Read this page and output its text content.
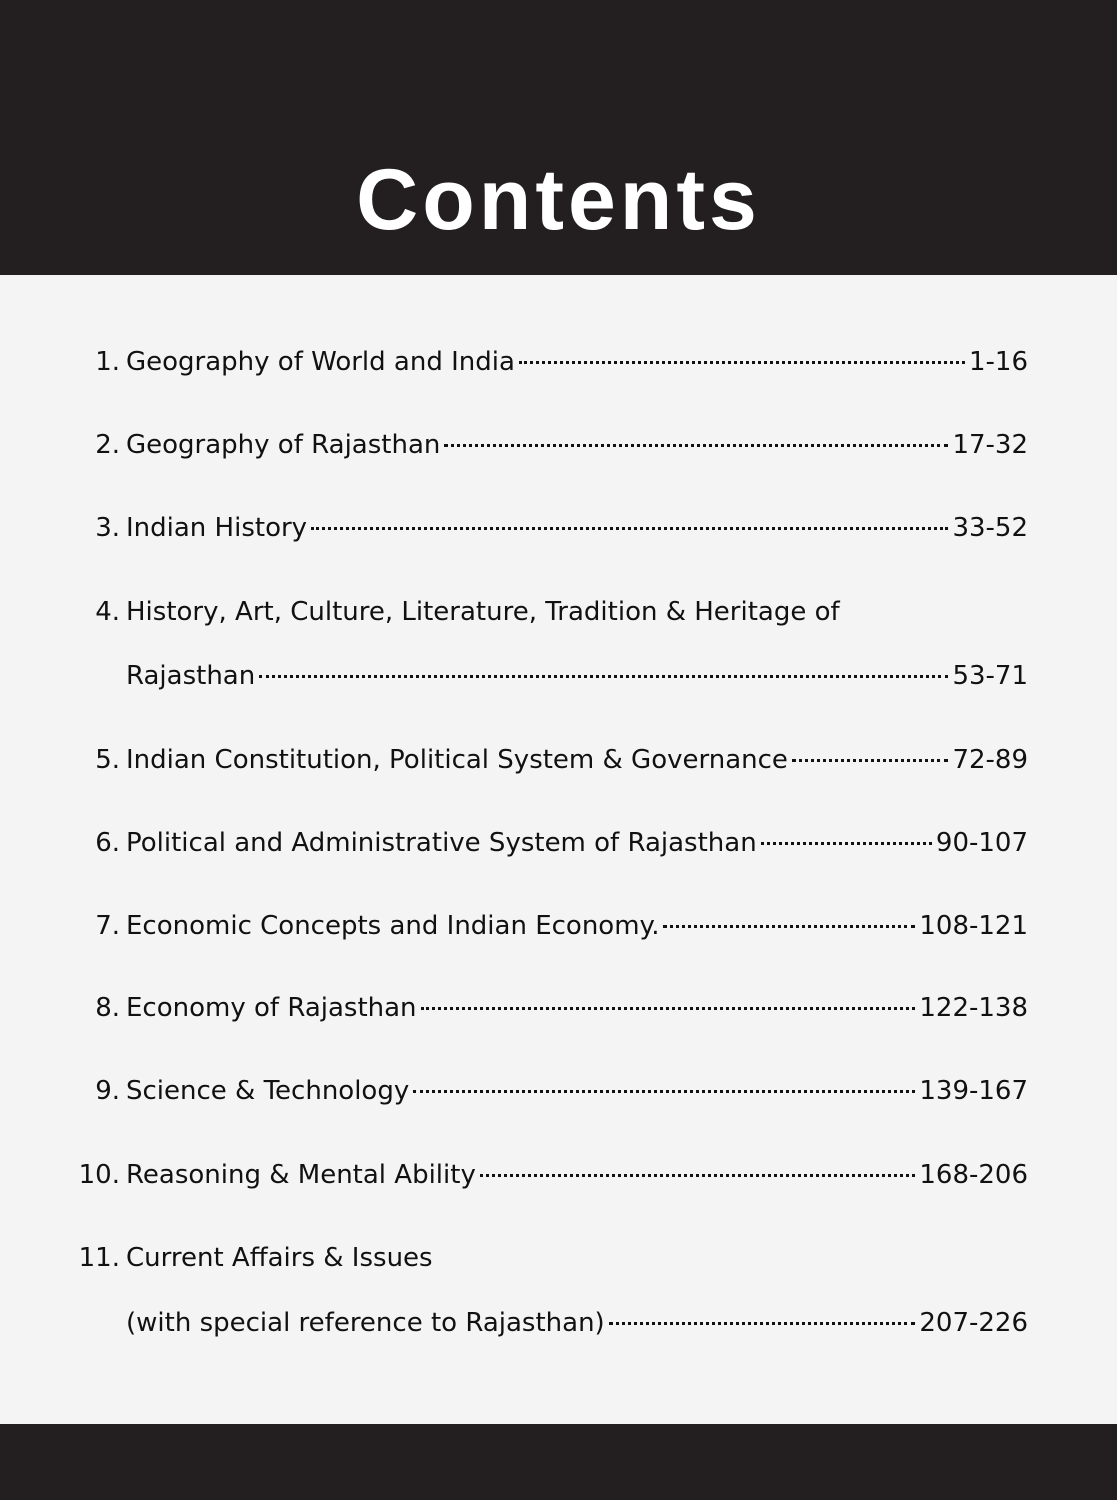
Contents
1. Geography of World and India	1-16
2. Geography of Rajasthan	17-32
3. Indian History	33-52
4. History, Art, Culture, Literature, Tradition & Heritage of
Rajasthan	53-71
5. Indian Constitution, Political System & Governance	72-89
6. Political and Administrative System of Rajasthan	90-107
7. Economic Concepts and Indian Economy.	108-121
8. Economy of Rajasthan	122-138
9. Science & Technology	139-167
10. Reasoning & Mental Ability	168-206
11. Current Affairs & Issues
(with special reference to Rajasthan)	207-226
